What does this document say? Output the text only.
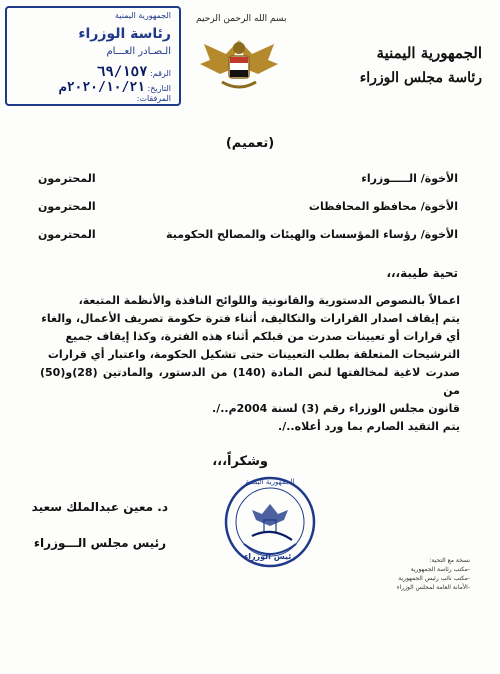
الجمهورية اليمنية
رئاسة الوزراء
الـصـادر العـــام
الرقم: ٦٩/١٥٧
التاريخ: ٢٠٢٠/١٠/٢١م
المرفقات:
بسم الله الرحمن الرحيم
الجمهورية اليمنية
رئاسة مجلس الوزراء
(تعميم)
الأخوة/ الـــــوزراء
المحترمون
الأخوة/ محافظو المحافظات
المحترمون
الأخوة/ رؤساء المؤسسات والهيئات والمصالح الحكومية
المحترمون
تحية طيبة،،،
اعمالاً بالنصوص الدستورية والقانونية واللوائح النافذة والأنظمة المتبعة،
يتم إيقاف اصدار القرارات والتكاليف، أثناء فترة حكومة تصريف الأعمال، والغاء
أي قرارات أو تعيينات صدرت من قبلكم أثناء هذه الفترة، وكذا إيقاف جميع
الترشيحات المتعلقة بطلب التعيينات حتى تشكيل الحكومة، واعتبار أي قرارات
صدرت لاغية لمخالفتها لنص المادة (140) من الدستور، والمادتين (28)و(50) من
قانون مجلس الوزراء رقم (3) لسنة 2004م../.
يتم التقيد الصارم بما ورد أعلاه../.
وشكراً،،،
الجمهورية اليمنية
رئيس الوزراء
د. معين عبدالملك سعيد
رئيس مجلس الـــوزراء
نسخة مع التحية:
-مكتب رئاسة الجمهورية
-مكتب نائب رئيس الجمهورية
-الأمانة العامة لمجلس الوزراء
